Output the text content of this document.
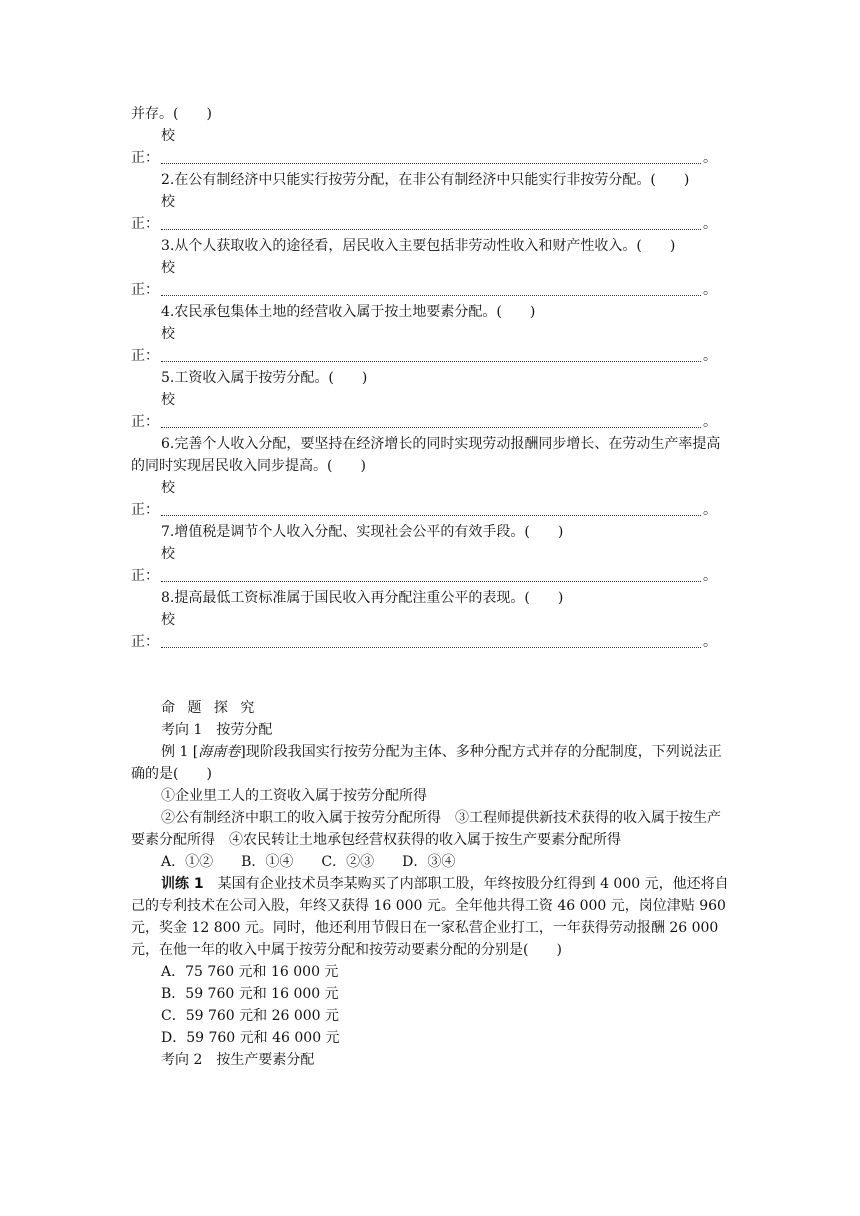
并存。(　　)
校
正：	。
2.在公有制经济中只能实行按劳分配，在非公有制经济中只能实行非按劳分配。(　　)
校
正：	。
3.从个人获取收入的途径看，居民收入主要包括非劳动性收入和财产性收入。(　　)
校
正：	。
4.农民承包集体土地的经营收入属于按土地要素分配。(　　)
校
正：	。
5.工资收入属于按劳分配。(　　)
校
正：	。
6.完善个人收入分配，要坚持在经济增长的同时实现劳动报酬同步增长、在劳动生产率提高的同时实现居民收入同步提高。(　　)
校
正：	。
7.增值税是调节个人收入分配、实现社会公平的有效手段。(　　)
校
正：	。
8.提高最低工资标准属于国民收入再分配注重公平的表现。(　　)
校
正：	。
命 题 探 究
考向 1　按劳分配
例 1 [海南卷]现阶段我国实行按劳分配为主体、多种分配方式并存的分配制度，下列说法正确的是(　　)
①企业里工人的工资收入属于按劳分配所得
②公有制经济中职工的收入属于按劳分配所得　③工程师提供新技术获得的收入属于按生产要素分配所得　④农民转让土地承包经营权获得的收入属于按生产要素分配所得
A．①②　　B．①④　　C．②③　　D．③④
训练 1　某国有企业技术员李某购买了内部职工股，年终按股分红得到 4 000 元，他还将自己的专利技术在公司入股，年终又获得 16 000 元。全年他共得工资 46 000 元，岗位津贴 960 元，奖金 12 800 元。同时，他还利用节假日在一家私营企业打工，一年获得劳动报酬 26 000 元，在他一年的收入中属于按劳分配和按劳动要素分配的分别是(　　)
A．75 760 元和 16 000 元
B．59 760 元和 16 000 元
C．59 760 元和 26 000 元
D．59 760 元和 46 000 元
考向 2　按生产要素分配
